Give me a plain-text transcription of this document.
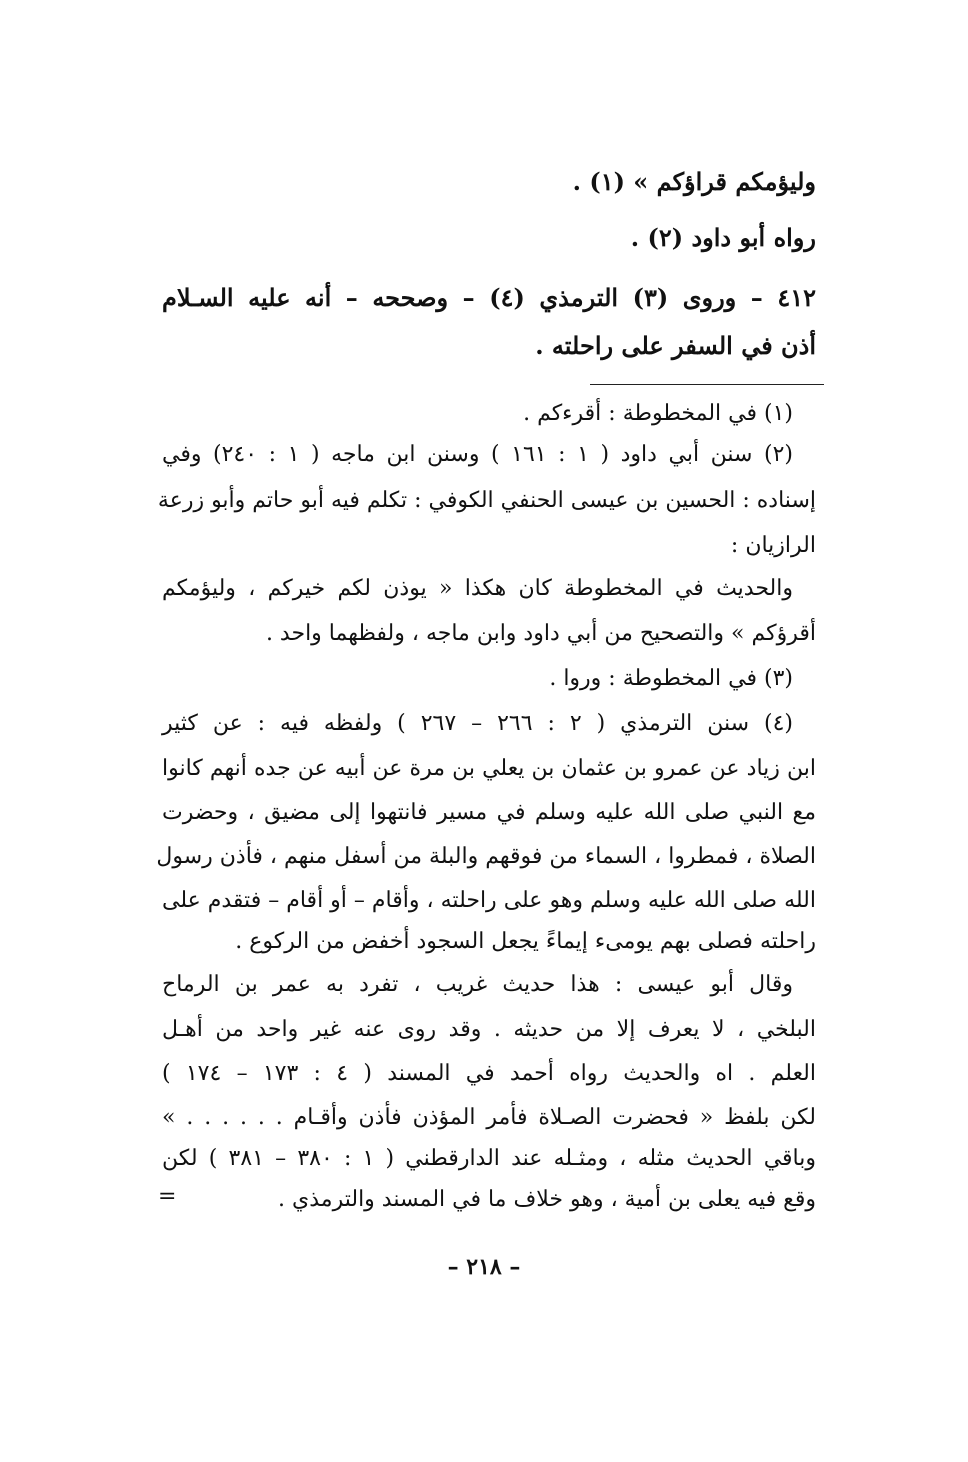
وليؤمكم قراؤكم » (١) .
رواه أبو داود (٢) .
٤١٢ – وروى (٣) الترمذي (٤) – وصححه – أنه عليه السـلام
أذن في السفر على راحلته .
(١) في المخطوطة : أقرءكم .
(٢) سنن أبي داود ( ١ : ١٦١ ) وسنن ابن ماجه ( ١ : ٢٤٠) وفي
إسناده : الحسين بن عيسى الحنفي الكوفي : تكلم فيه أبو حاتم وأبو زرعة
الرازيان :
والحديث في المخطوطة كان هكذا « يوذن لكم خيركم ، وليؤمكم
أقرؤكم » والتصحيح من أبي داود وابن ماجه ، ولفظهما واحد .
(٣) في المخطوطة : وروا .
(٤) سنن الترمذي ( ٢ : ٢٦٦ – ٢٦٧ ) ولفظه فيه : عن كثير
ابن زياد عن عمرو بن عثمان بن يعلي بن مرة عن أبيه عن جده أنهم كانوا
مع النبي صلى الله عليه وسلم في مسير فانتهوا إلى مضيق ، وحضرت
الصلاة ، فمطروا ، السماء من فوقهم والبلة من أسفل منهم ، فأذن رسول
الله صلى الله عليه وسلم وهو على راحلته ، وأقام – أو أقام – فتقدم على
راحلته فصلى بهم يومىء إيماءً يجعل السجود أخفض من الركوع .
وقال أبو عيسى : هذا حديث غريب ، تفرد به عمر بن الرماح
البلخي ، لا يعرف إلا من حديثه . وقد روى عنه غير واحد من أهـل
العلم . اه والحديث رواه أحمد في المسند ( ٤ : ١٧٣ – ١٧٤ )
لكن بلفظ « فحضرت الصـلاة فأمر المؤذن فأذن وأقـام . . . . . . »
وباقي الحديث مثله ، ومثـله عند الدارقطني ( ١ : ٣٨٠ – ٣٨١ ) لكن
وقع فيه يعلى بن أمية ، وهو خلاف ما في المسند والترمذي .
=
– ٢١٨ –
